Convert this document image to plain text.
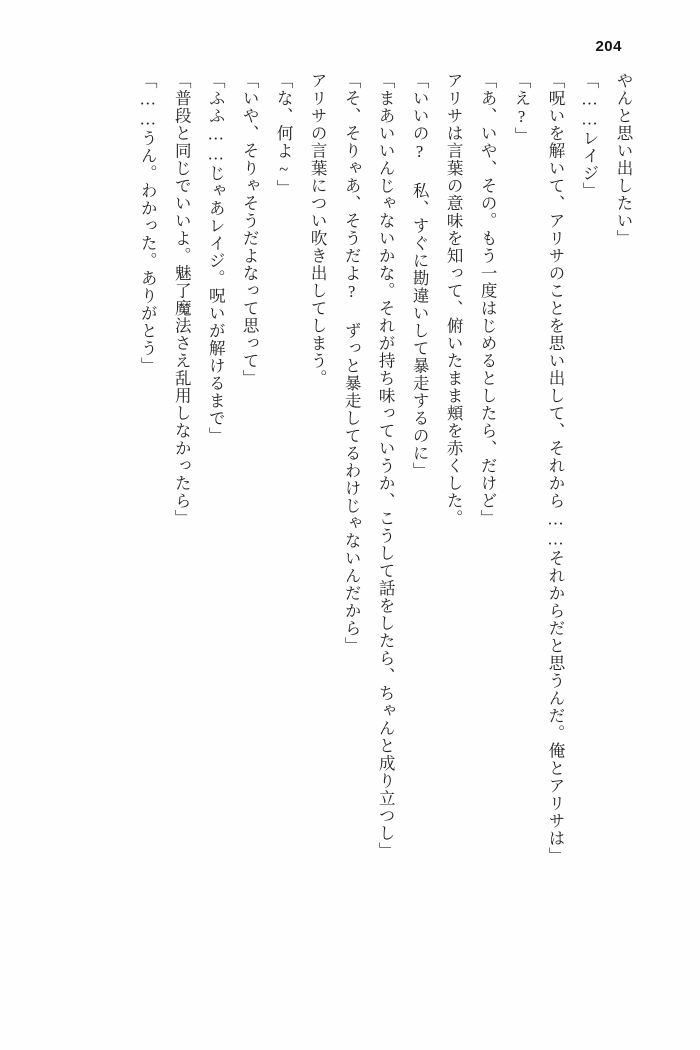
204

やんと思い出したい」

「……レイジ」

「呪いを解いて、アリサのことを思い出して、それから……それからだと思うんだ。俺とアリサは」

「え?」

「あ、いや、その。もう一度はじめるとしたら、だけど」

アリサは言葉の意味を知って、俯いたまま頬を赤くした。

「いいの? 私、すぐに勘違いして暴走するのに」

「まあいいんじゃないかな。それが持ち味っていうか、こうして話をしたら、ちゃんと成り立つし」

「そ、そりゃあ、そうだよ? ずっと暴走してるわけじゃないんだから」

アリサの言葉につい吹き出してしまう。

「な、何よ~」

「いや、そりゃそうだよなって思って」

「ふふ……じゃあレイジ。呪いが解けるまで」

「普段と同じでいいよ。魅了魔法さえ乱用しなかったら」

「……うん。わかった。ありがとう」
